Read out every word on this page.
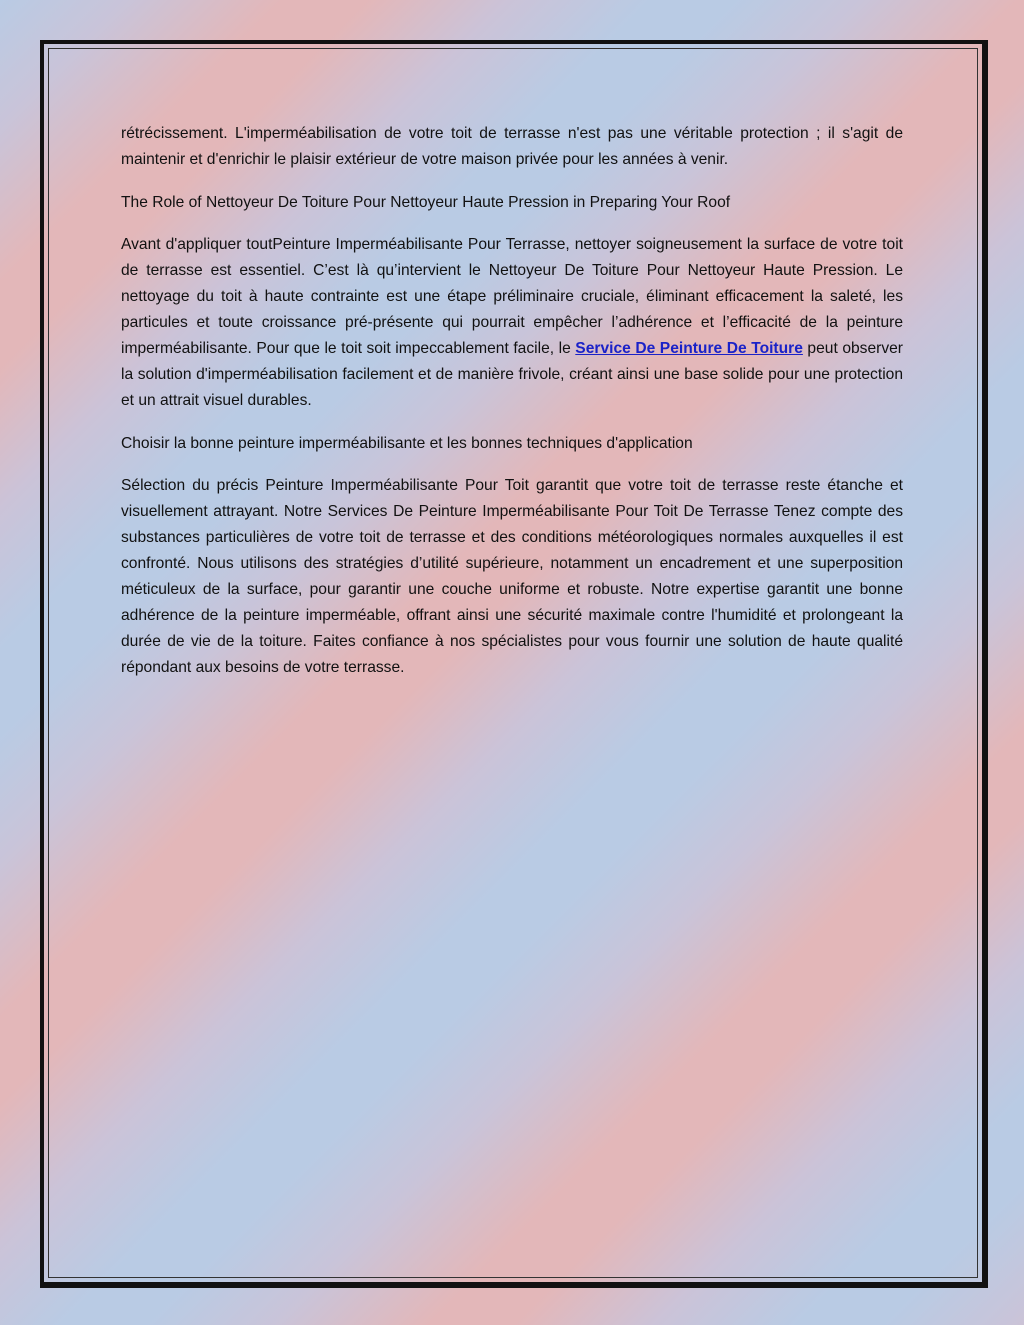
rétrécissement. L'imperméabilisation de votre toit de terrasse n'est pas une véritable protection ; il s'agit de maintenir et d'enrichir le plaisir extérieur de votre maison privée pour les années à venir.

The Role of Nettoyeur De Toiture Pour Nettoyeur Haute Pression in Preparing Your Roof

Avant d'appliquer toutPeinture Imperméabilisante Pour Terrasse, nettoyer soigneusement la surface de votre toit de terrasse est essentiel. C’est là qu’intervient le Nettoyeur De Toiture Pour Nettoyeur Haute Pression. Le nettoyage du toit à haute contrainte est une étape préliminaire cruciale, éliminant efficacement la saleté, les particules et toute croissance pré-présente qui pourrait empêcher l’adhérence et l’efficacité de la peinture imperméabilisante. Pour que le toit soit impeccablement facile, le Service De Peinture De Toiture peut observer la solution d'imperméabilisation facilement et de manière frivole, créant ainsi une base solide pour une protection et un attrait visuel durables.

Choisir la bonne peinture imperméabilisante et les bonnes techniques d'application

Sélection du précis Peinture Imperméabilisante Pour Toit garantit que votre toit de terrasse reste étanche et visuellement attrayant. Notre Services De Peinture Imperméabilisante Pour Toit De Terrasse Tenez compte des substances particulières de votre toit de terrasse et des conditions météorologiques normales auxquelles il est confronté. Nous utilisons des stratégies d’utilité supérieure, notamment un encadrement et une superposition méticuleux de la surface, pour garantir une couche uniforme et robuste. Notre expertise garantit une bonne adhérence de la peinture imperméable, offrant ainsi une sécurité maximale contre l'humidité et prolongeant la durée de vie de la toiture. Faites confiance à nos spécialistes pour vous fournir une solution de haute qualité répondant aux besoins de votre terrasse.
